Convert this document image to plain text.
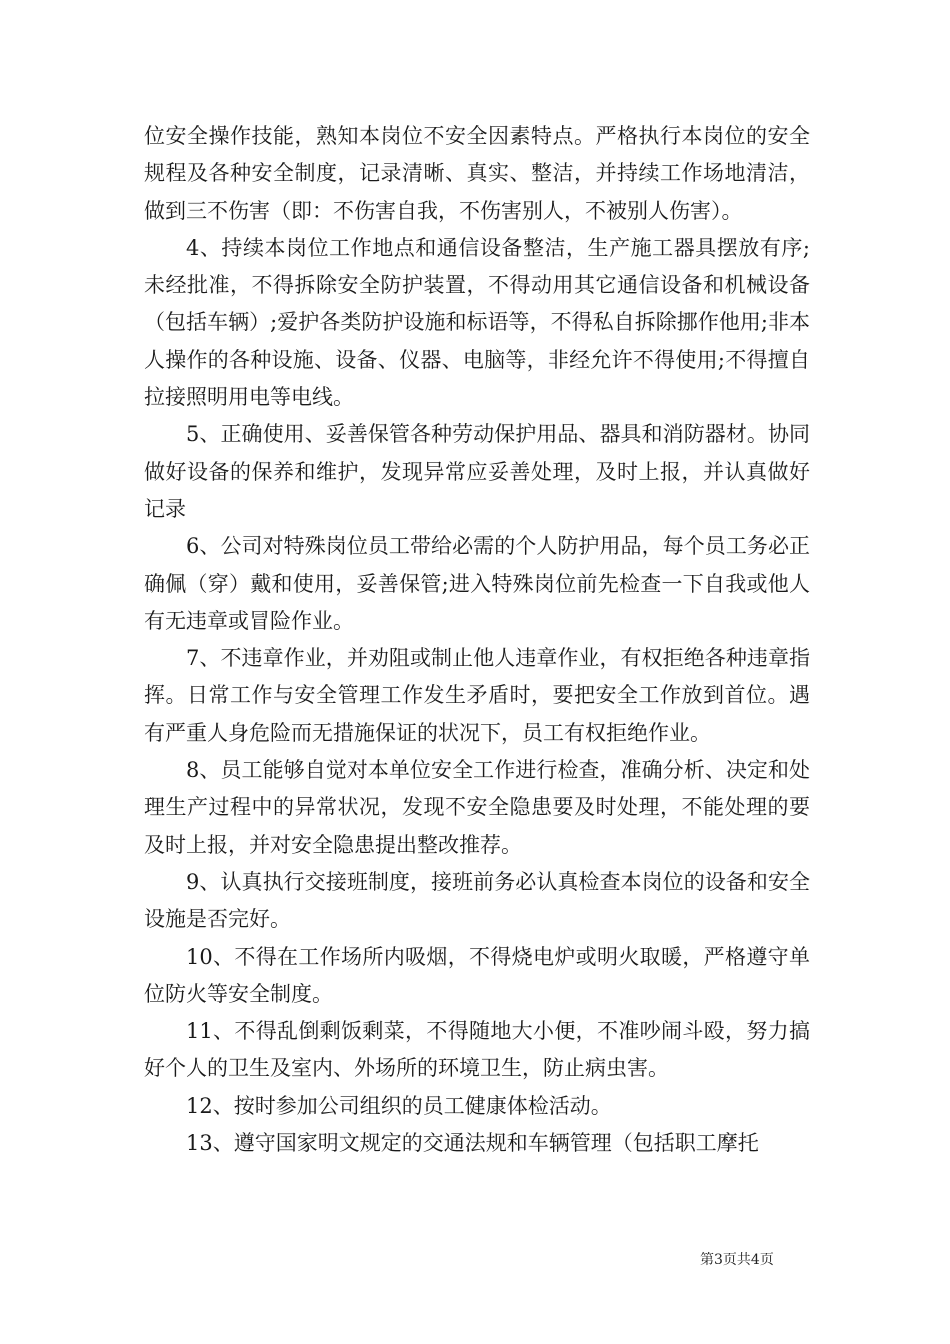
位安全操作技能，熟知本岗位不安全因素特点。严格执行本岗位的安全规程及各种安全制度，记录清晰、真实、整洁，并持续工作场地清洁，做到三不伤害（即：不伤害自我，不伤害别人，不被别人伤害）。

4、持续本岗位工作地点和通信设备整洁，生产施工器具摆放有序;未经批准，不得拆除安全防护装置，不得动用其它通信设备和机械设备（包括车辆）;爱护各类防护设施和标语等，不得私自拆除挪作他用;非本人操作的各种设施、设备、仪器、电脑等，非经允许不得使用;不得擅自拉接照明用电等电线。

5、正确使用、妥善保管各种劳动保护用品、器具和消防器材。协同做好设备的保养和维护，发现异常应妥善处理，及时上报，并认真做好记录

6、公司对特殊岗位员工带给必需的个人防护用品，每个员工务必正确佩（穿）戴和使用，妥善保管;进入特殊岗位前先检查一下自我或他人有无违章或冒险作业。

7、不违章作业，并劝阻或制止他人违章作业，有权拒绝各种违章指挥。日常工作与安全管理工作发生矛盾时，要把安全工作放到首位。遇有严重人身危险而无措施保证的状况下，员工有权拒绝作业。

8、员工能够自觉对本单位安全工作进行检查，准确分析、决定和处理生产过程中的异常状况，发现不安全隐患要及时处理，不能处理的要及时上报，并对安全隐患提出整改推荐。

9、认真执行交接班制度，接班前务必认真检查本岗位的设备和安全设施是否完好。

10、不得在工作场所内吸烟，不得烧电炉或明火取暖，严格遵守单位防火等安全制度。

11、不得乱倒剩饭剩菜，不得随地大小便，不准吵闹斗殴，努力搞好个人的卫生及室内、外场所的环境卫生，防止病虫害。

12、按时参加公司组织的员工健康体检活动。

13、遵守国家明文规定的交通法规和车辆管理（包括职工摩托

第3页共4页
